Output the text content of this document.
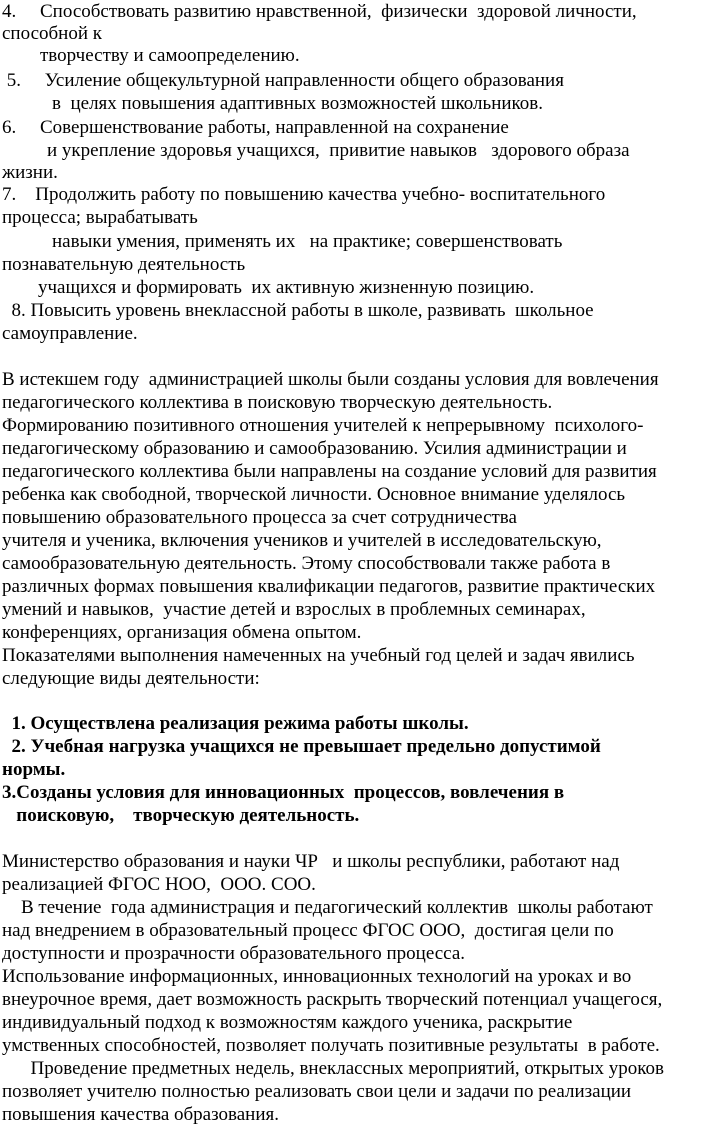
4.     Способствовать развитию нравственной,  физически  здоровой личности,
способной к
творчеству и самоопределению.
5.     Усиление общекультурной направленности общего образования
в  целях повышения адаптивных возможностей школьников.
6.     Совершенствование работы, направленной на сохранение
и укрепление здоровья учащихся,  привитие навыков   здорового образа
жизни.
7.    Продолжить работу по повышению качества учебно- воспитательного
процесса; вырабатывать
навыки умения, применять их   на практике; совершенствовать
познавательную деятельность
учащихся и формировать  их активную жизненную позицию.
8. Повысить уровень внеклассной работы в школе, развивать  школьное
самоуправление.
В истекшем году  администрацией школы были созданы условия для вовлечения
педагогического коллектива в поисковую творческую деятельность.
Формированию позитивного отношения учителей к непрерывному  психолого-
педагогическому образованию и самообразованию. Усилия администрации и
педагогического коллектива были направлены на создание условий для развития
ребенка как свободной, творческой личности. Основное внимание уделялось
повышению образовательного процесса за счет сотрудничества
учителя и ученика, включения учеников и учителей в исследовательскую,
самообразовательную деятельность. Этому способствовали также работа в
различных формах повышения квалификации педагогов, развитие практических
умений и навыков,  участие детей и взрослых в проблемных семинарах,
конференциях, организация обмена опытом.
Показателями выполнения намеченных на учебный год целей и задач явились
следующие виды деятельности:
1. Осуществлена реализация режима работы школы.
2. Учебная нагрузка учащихся не превышает предельно допустимой
нормы.
3.Созданы условия для инновационных  процессов, вовлечения в
поисковую,    творческую деятельность.
Министерство образования и науки ЧР   и школы республики, работают над
реализацией ФГОС НОО,  ООО. СОО.
В течение  года администрация и педагогический коллектив  школы работают
над внедрением в образовательный процесс ФГОС ООО,  достигая цели по
доступности и прозрачности образовательного процесса.
Использование информационных, инновационных технологий на уроках и во
внеурочное время, дает возможность раскрыть творческий потенциал учащегося,
индивидуальный подход к возможностям каждого ученика, раскрытие
умственных способностей, позволяет получать позитивные результаты  в работе.
Проведение предметных недель, внеклассных мероприятий, открытых уроков
позволяет учителю полностью реализовать свои цели и задачи по реализации
повышения качества образования.
